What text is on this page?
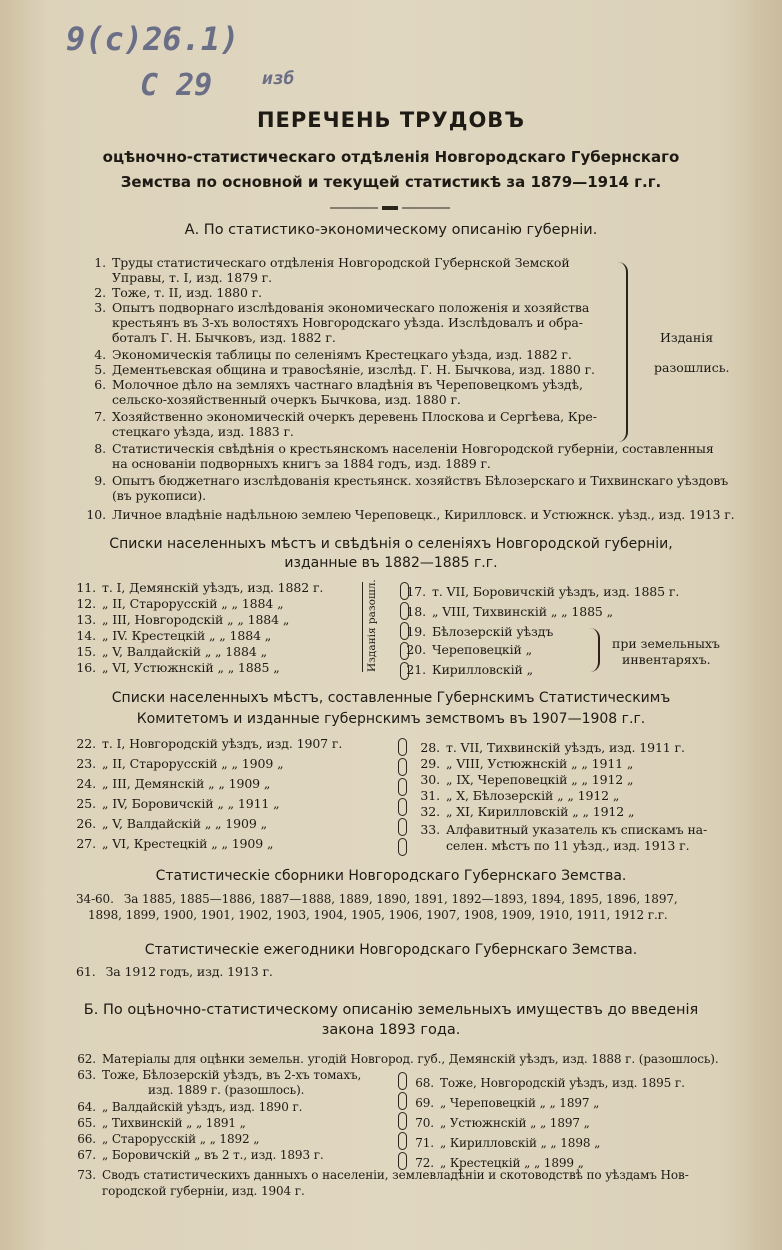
9(с)26.1)
С 29	изб
ПЕРЕЧЕНЬ ТРУДОВЪ
оцѣночно-статистическаго отдѣленія Новгородскаго Губернскаго
Земства по основной и текущей статистикѣ за 1879—1914 г.г.
А. По статистико-экономическому описанію губерніи.
1. Труды статистическаго отдѣленія Новгородской Губернской Земской
Управы, т. I, изд. 1879 г.
2. Тоже, т. II, изд. 1880 г.
3. Опытъ подворнаго изслѣдованія экономическаго положенія и хозяйства
крестьянъ въ 3-хъ волостяхъ Новгородскаго уѣзда. Изслѣдовалъ и обра-
боталъ Г. Н. Бычковъ, изд. 1882 г.
4. Экономическія таблицы по селеніямъ Крестецкаго уѣзда, изд. 1882 г.
5. Дементьевская община и травосѣяніе, изслѣд. Г. Н. Бычкова, изд. 1880 г.
6. Молочное дѣло на земляхъ частнаго владѣнія въ Череповецкомъ уѣздѣ,
сельско-хозяйственный очеркъ Бычкова, изд. 1880 г.
7. Хозяйственно экономическій очеркъ деревень Плоскова и Сергѣева, Кре-
стецкаго уѣзда, изд. 1883 г.
8. Статистическія свѣдѣнія о крестьянскомъ населеніи Новгородской губерніи, составленныя
на основаніи подворныхъ книгъ за 1884 годъ, изд. 1889 г.
9. Опытъ бюджетнаго изслѣдованія крестьянск. хозяйствъ Бѣлозерскаго и Тихвинскаго уѣздовъ
(въ рукописи).
10. Личное владѣніе надѣльною землею Череповецк., Кирилловск. и Устюжнск. уѣзд., изд. 1913 г.
Изданія
разошлись.
Списки населенныхъ мѣстъ и свѣдѣнія о селеніяхъ Новгородской губерніи,
изданные въ 1882—1885 г.г.
11. т. I, Демянскій уѣздъ, изд. 1882 г.
12. „ II, Старорусскій „ „ 1884 „
13. „ III, Новгородскій „ „ 1884 „
14. „ IV. Крестецкій „ „ 1884 „
15. „ V, Валдайскій „ „ 1884 „
16. „ VI, Устюжнскій „ „ 1885 „	Изданія разошл. 17. т. VII, Боровичскій уѣздъ, изд. 1885 г.
18. „ VIII, Тихвинскій „ „ 1885 „
19. Бѣлозерскій уѣздъ
20. Череповецкій „
21. Кирилловскій „
при земельныхъ
инвентаряхъ.
Списки населенныхъ мѣстъ, составленные Губернскимъ Статистическимъ
Комитетомъ и изданные губернскимъ земствомъ въ 1907—1908 г.г.
22. т. I, Новгородскій уѣздъ, изд. 1907 г.
23. „ II, Старорусскій „ „ 1909 „
24. „ III, Демянскій „ „ 1909 „
25. „ IV, Боровичскій „ „ 1911 „
26. „ V, Валдайскій „ „ 1909 „
27. „ VI, Крестецкій „ „ 1909 „
28. т. VII, Тихвинскій уѣздъ, изд. 1911 г.
29. „ VIII, Устюжнскій „ „ 1911 „
30. „ IX, Череповецкій „ „ 1912 „
31. „ X, Бѣлозерскій „ „ 1912 „
32. „ XI, Кирилловскій „ „ 1912 „
33. Алфавитный указатель къ спискамъ на-
селен. мѣстъ по 11 уѣзд., изд. 1913 г.
Статистическіе сборники Новгородскаго Губернскаго Земства.
34-60. За 1885, 1885—1886, 1887—1888, 1889, 1890, 1891, 1892—1893, 1894, 1895, 1896, 1897,
1898, 1899, 1900, 1901, 1902, 1903, 1904, 1905, 1906, 1907, 1908, 1909, 1910, 1911, 1912 г.г.
Статистическіе ежегодники Новгородскаго Губернскаго Земства.
61. За 1912 годъ, изд. 1913 г.
Б. По оцѣночно-статистическому описанію земельныхъ имуществъ до введенія
закона 1893 года.
62. Матеріалы для оцѣнки земельн. угодій Новгород. губ., Демянскій уѣздъ, изд. 1888 г. (разошлось).
63. Тоже, Бѣлозерскій уѣздъ, въ 2-хъ томахъ,
изд. 1889 г. (разошлось).
64. „ Валдайскій уѣздъ, изд. 1890 г.
65. „ Тихвинскій „ „ 1891 „
66. „ Старорусскій „ „ 1892 „
67. „ Боровичскій „ въ 2 т., изд. 1893 г.
68. Тоже, Новгородскій уѣздъ, изд. 1895 г.
69. „ Череповецкій „ „ 1897 „
70. „ Устюжнскій „ „ 1897 „
71. „ Кирилловскій „ „ 1898 „
72. „ Крестецкій „ „ 1899 „
73. Сводъ статистическихъ данныхъ о населеніи, землевладѣніи и скотоводствѣ по уѣздамъ Нов-
городской губерніи, изд. 1904 г.
